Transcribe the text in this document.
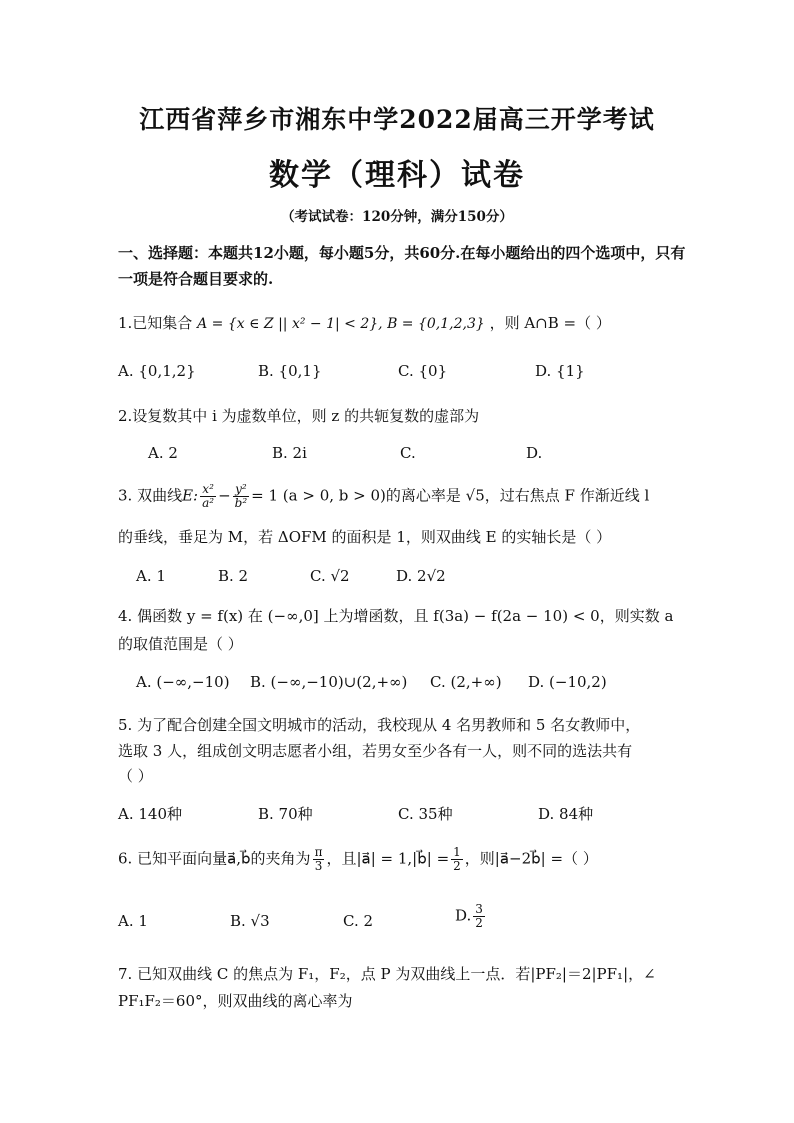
江西省萍乡市湘东中学2022届高三开学考试
数学（理科）试卷
（考试试卷：120分钟，满分150分）
一、选择题：本题共12小题，每小题5分，共60分.在每小题给出的四个选项中，只有
一项是符合题目要求的.
1.已知集合 A = {x ∈ Z || x² − 1| < 2}, B = {0,1,2,3} ，则 A∩B =（ ）
A. {0,1,2}	B. {0,1}	C. {0}	D. {1}
2.设复数其中 i 为虚数单位，则 z 的共轭复数的虚部为
A. 2	B. 2i	C.	D.
3. 双曲线E: $\frac{\text{x²}}{\text{a²}} - \frac{\text{y²}}{\text{b²}} = 1$ (a > 0, b > 0)的离心率是 √5，过右焦点 F 作渐近线 l
的垂线，垂足为 M，若 ΔOFM 的面积是 1，则双曲线 E 的实轴长是（ ）
A. 1	B. 2	C. √2	D. 2√2
4. 偶函数 y = f(x) 在 (−∞,0] 上为增函数，且 f(3a) − f(2a − 10) < 0，则实数 a
的取值范围是（ ）
A. (−∞,−10) B. (−∞,−10)∪(2,+∞) C. (2,+∞) D. (−10,2)
5. 为了配合创建全国文明城市的活动，我校现从 4 名男教师和 5 名女教师中，
选取 3 人，组成创文明志愿者小组，若男女至少各有一人，则不同的选法共有
（ ）
A. 140种	B. 70种	C. 35种	D. 84种
6. 已知平面向量a⃗,b⃗的夹角为 $\frac{\pi}{3}$ ，且|a⃗| = 1,|b⃗| = $\frac{1}{2}$ ，则|a⃗−2b⃗| =（ ）
A. 1	B. √3	C. 2	D. $\frac{3}{2}$
7. 已知双曲线 C 的焦点为 F₁，F₂，点 P 为双曲线上一点．若|PF₂|＝2|PF₁|，∠
PF₁F₂＝60°，则双曲线的离心率为
